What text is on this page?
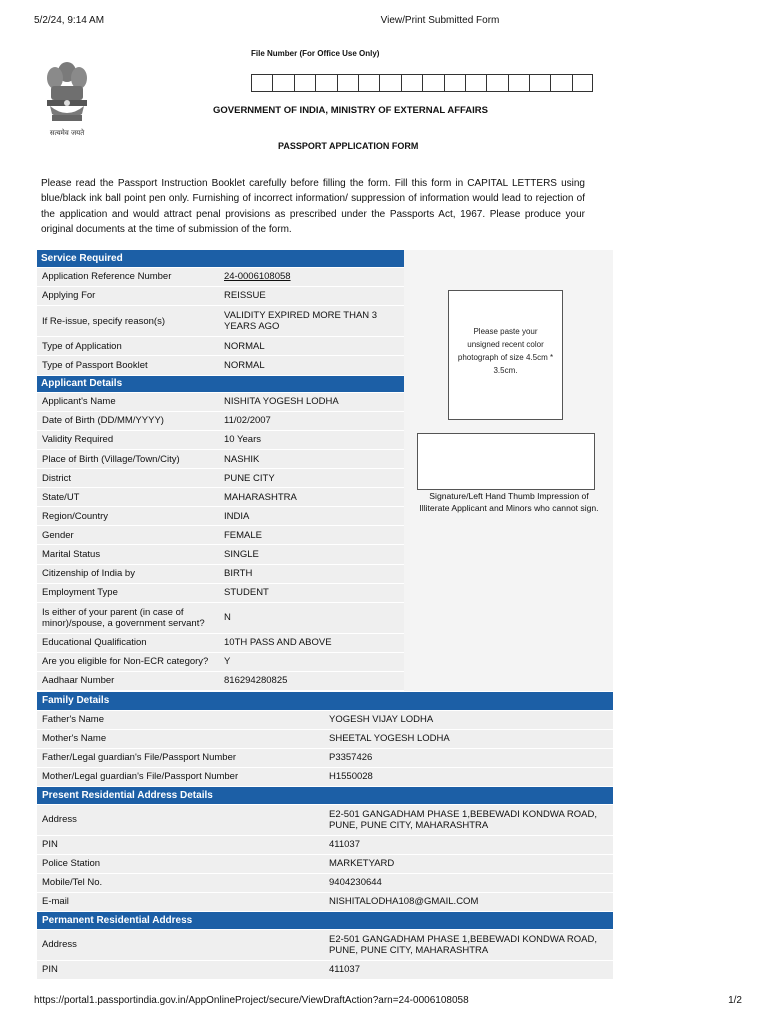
5/2/24, 9:14 AM	View/Print Submitted Form
सत्यमेव जयते
File Number (For Office Use Only)
GOVERNMENT OF INDIA, MINISTRY OF EXTERNAL AFFAIRS
PASSPORT APPLICATION FORM

Please read the Passport Instruction Booklet carefully before filling the form. Fill this form in CAPITAL LETTERS using blue/black ink ball point pen only. Furnishing of incorrect information/ suppression of information would lead to rejection of the application and would attract penal provisions as prescribed under the Passports Act, 1967. Please produce your original documents at the time of submission of the form.

Service Required	
Application Reference Number	24-0006108058
Applying For	REISSUE
If Re-issue, specify reason(s)	VALIDITY EXPIRED MORE THAN 3 YEARS AGO
Type of Application	NORMAL
Type of Passport Booklet	NORMAL
Applicant Details	
Applicant's Name	NISHITA YOGESH LODHA
Date of Birth (DD/MM/YYYY)	11/02/2007
Validity Required	10 Years
Place of Birth (Village/Town/City)	NASHIK
District	PUNE CITY
State/UT	MAHARASHTRA
Region/Country	INDIA
Gender	FEMALE
Marital Status	SINGLE
Citizenship of India by	BIRTH
Employment Type	STUDENT
Is either of your parent (in case of minor)/spouse, a government servant?	N
Educational Qualification	10TH PASS AND ABOVE
Are you eligible for Non-ECR category?	Y
Aadhaar Number	816294280825
Please paste your unsigned recent color photograph of size 4.5cm * 3.5cm.
Signature/Left Hand Thumb Impression of Illiterate Applicant and Minors who cannot sign.
Family Details	
Father's Name	YOGESH VIJAY LODHA
Mother's Name	SHEETAL YOGESH LODHA
Father/Legal guardian's File/Passport Number	P3357426
Mother/Legal guardian's File/Passport Number	H1550028
Present Residential Address Details	
Address	E2-501 GANGADHAM PHASE 1,BEBEWADI KONDWA ROAD, PUNE, PUNE CITY, MAHARASHTRA
PIN	411037
Police Station	MARKETYARD
Mobile/Tel No.	9404230644
E-mail	NISHITALODHA108@GMAIL.COM
Permanent Residential Address	
Address	E2-501 GANGADHAM PHASE 1,BEBEWADI KONDWA ROAD, PUNE, PUNE CITY, MAHARASHTRA
PIN	411037
https://portal1.passportindia.gov.in/AppOnlineProject/secure/ViewDraftAction?arn=24-0006108058	1/2
